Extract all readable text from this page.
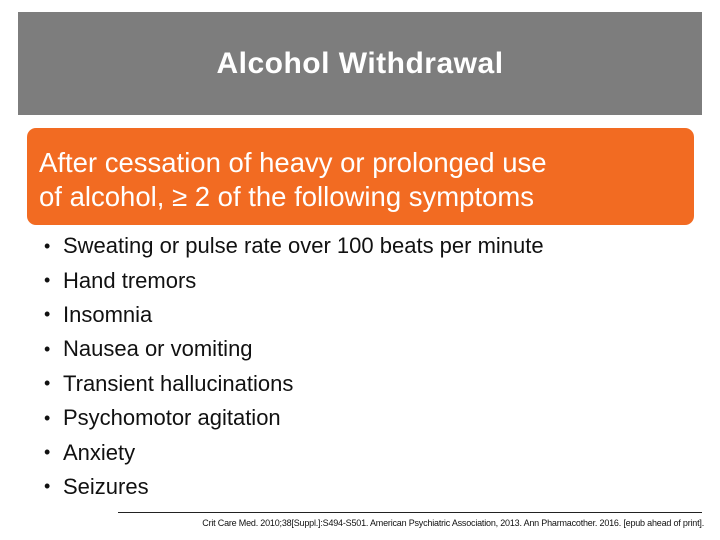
Alcohol Withdrawal

After cessation of heavy or prolonged use

of alcohol, ≥ 2 of the following symptoms

• Sweating or pulse rate over 100 beats per minute
• Hand tremors
• Insomnia
• Nausea or vomiting
• Transient hallucinations
• Psychomotor agitation
• Anxiety
• Seizures
Crit Care Med. 2010;38[Suppl.]:S494-S501. American Psychiatric Association, 2013. Ann Pharmacother. 2016. [epub ahead of print].
